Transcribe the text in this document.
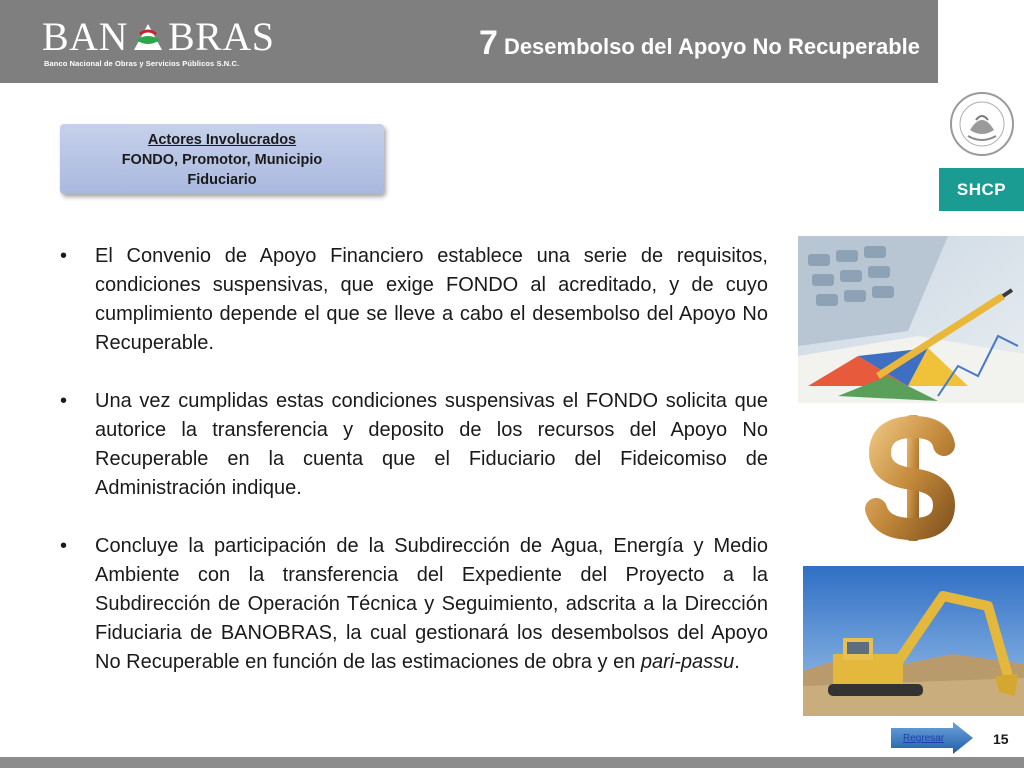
BAN BRAS
Banco Nacional de Obras y Servicios Públicos S.N.C.
7 Desembolso del Apoyo No Recuperable
SHCP
Actores Involucrados
FONDO, Promotor, Municipio
Fiduciario
• El Convenio de Apoyo Financiero establece una serie de requisitos, condiciones suspensivas, que exige FONDO al acreditado, y de cuyo cumplimiento depende el que se lleve a cabo el desembolso del Apoyo No Recuperable.
• Una vez cumplidas estas condiciones suspensivas el FONDO solicita que autorice la transferencia y deposito de los recursos del Apoyo No Recuperable en la cuenta que el Fiduciario del Fideicomiso de Administración indique.
• Concluye la participación de la Subdirección de Agua, Energía y Medio Ambiente con la transferencia del Expediente del Proyecto a la Subdirección de Operación Técnica y Seguimiento, adscrita a la Dirección Fiduciaria de BANOBRAS, la cual gestionará los desembolsos del Apoyo No Recuperable en función de las estimaciones de obra y en pari-passu.
Regresar	15
